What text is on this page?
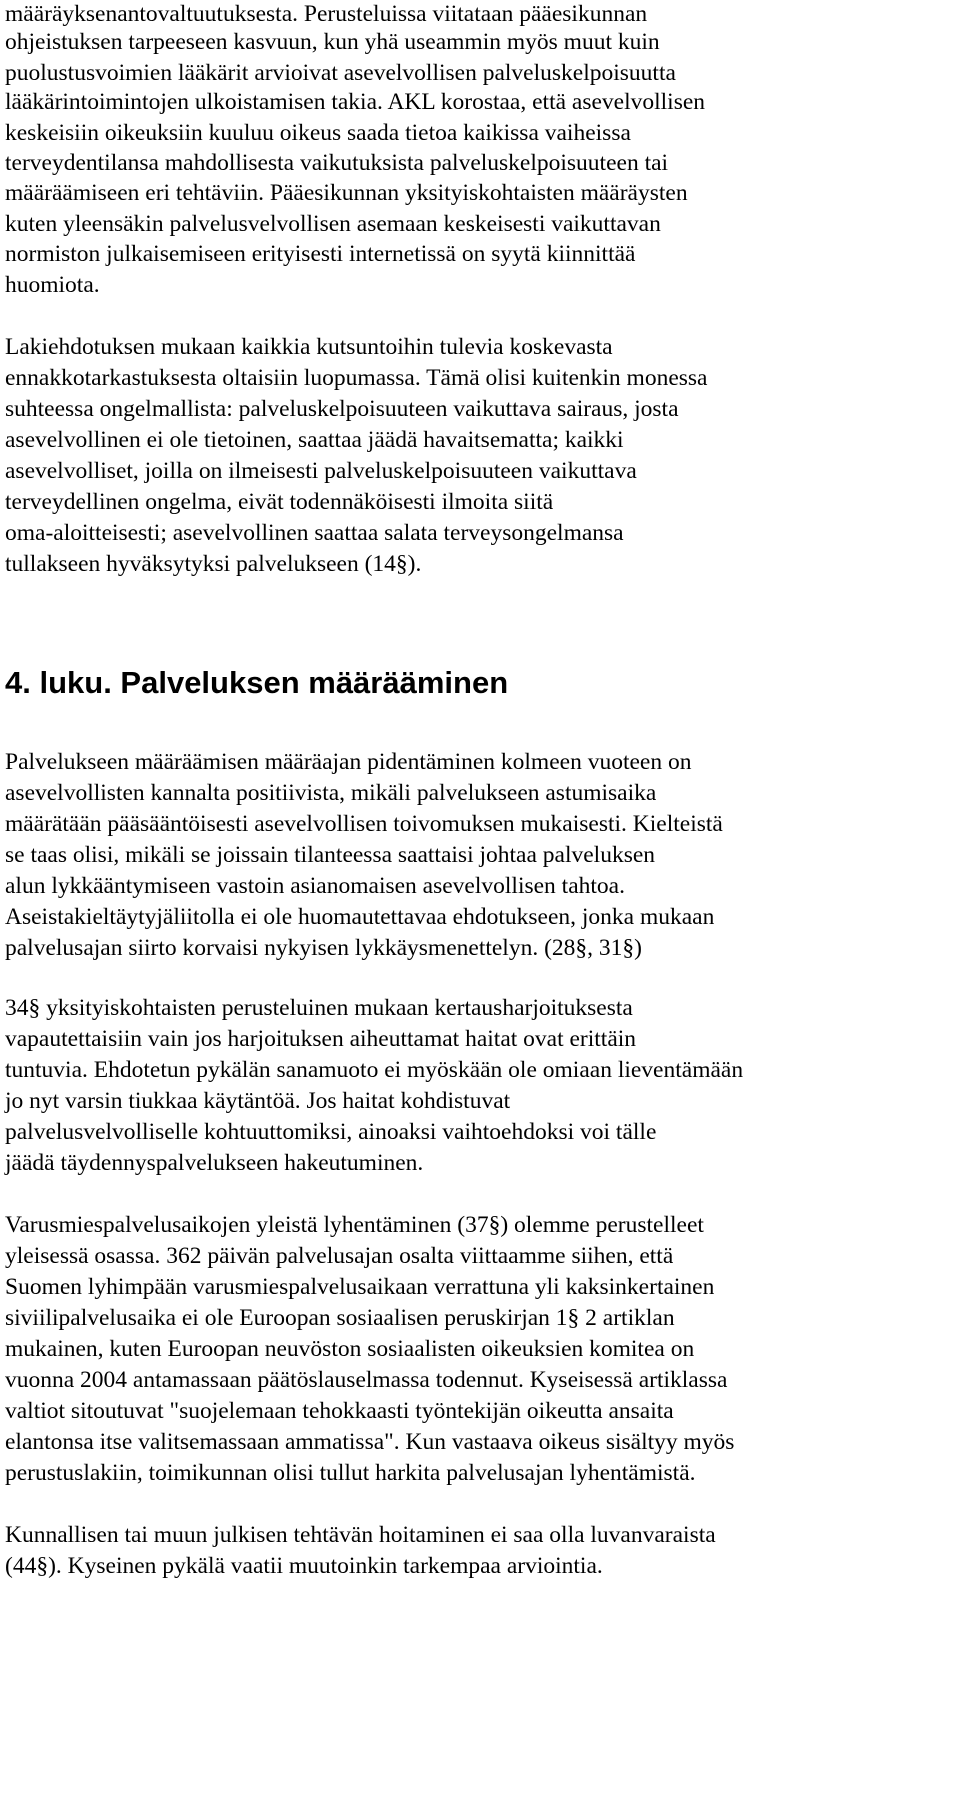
määräyksenantovaltuutuksesta. Perusteluissa viitataan pääesikunnan
ohjeistuksen tarpeeseen kasvuun, kun yhä useammin myös muut kuin
puolustusvoimien lääkärit arvioivat asevelvollisen palveluskelpoisuutta
lääkärintoimintojen ulkoistamisen takia. AKL korostaa, että asevelvollisen
keskeisiin oikeuksiin kuuluu oikeus saada tietoa kaikissa vaiheissa
terveydentilansa mahdollisesta vaikutuksista palveluskelpoisuuteen tai
määräämiseen eri tehtäviin. Pääesikunnan yksityiskohtaisten määräysten
kuten yleensäkin palvelusvelvollisen asemaan keskeisesti vaikuttavan
normiston julkaisemiseen erityisesti internetissä on syytä kiinnittää
huomiota.
Lakiehdotuksen mukaan kaikkia kutsuntoihin tulevia koskevasta
ennakkotarkastuksesta oltaisiin luopumassa. Tämä olisi kuitenkin monessa
suhteessa ongelmallista: palveluskelpoisuuteen vaikuttava sairaus, josta
asevelvollinen ei ole tietoinen, saattaa jäädä havaitsematta; kaikki
asevelvolliset, joilla on ilmeisesti palveluskelpoisuuteen vaikuttava
terveydellinen ongelma, eivät todennäköisesti ilmoita siitä
oma-aloitteisesti; asevelvollinen saattaa salata terveysongelmansa
tullakseen hyväksytyksi palvelukseen (14§).
4. luku. Palveluksen määrääminen
Palvelukseen määräämisen määräajan pidentäminen kolmeen vuoteen on
asevelvollisten kannalta positiivista, mikäli palvelukseen astumisaika
määrätään pääsääntöisesti asevelvollisen toivomuksen mukaisesti. Kielteistä
se taas olisi, mikäli se joissain tilanteessa saattaisi johtaa palveluksen
alun lykkääntymiseen vastoin asianomaisen asevelvollisen tahtoa.
Aseistakieltäytyjäliitolla ei ole huomautettavaa ehdotukseen, jonka mukaan
palvelusajan siirto korvaisi nykyisen lykkäysmenettelyn. (28§, 31§)
34§ yksityiskohtaisten perusteluinen mukaan kertausharjoituksesta
vapautettaisiin vain jos harjoituksen aiheuttamat haitat ovat erittäin
tuntuvia. Ehdotetun pykälän sanamuoto ei myöskään ole omiaan lieventämään
jo nyt varsin tiukkaa käytäntöä. Jos haitat kohdistuvat
palvelusvelvolliselle kohtuuttomiksi, ainoaksi vaihtoehdoksi voi tälle
jäädä täydennyspalvelukseen hakeutuminen.
Varusmiespalvelusaikojen yleistä lyhentäminen (37§) olemme perustelleet
yleisessä osassa. 362 päivän palvelusajan osalta viittaamme siihen, että
Suomen lyhimpään varusmiespalvelusaikaan verrattuna yli kaksinkertainen
siviilipalvelusaika ei ole Euroopan sosiaalisen peruskirjan 1§ 2 artiklan
mukainen, kuten Euroopan neuvöston sosiaalisten oikeuksien komitea on
vuonna 2004 antamassaan päätöslauselmassa todennut. Kyseisessä artiklassa
valtiot sitoutuvat "suojelemaan tehokkaasti työntekijän oikeutta ansaita
elantonsa itse valitsemassaan ammatissa". Kun vastaava oikeus sisältyy myös
perustuslakiin, toimikunnan olisi tullut harkita palvelusajan lyhentämistä.
Kunnallisen tai muun julkisen tehtävän hoitaminen ei saa olla luvanvaraista
(44§). Kyseinen pykälä vaatii muutoinkin tarkempaa arviointia.
